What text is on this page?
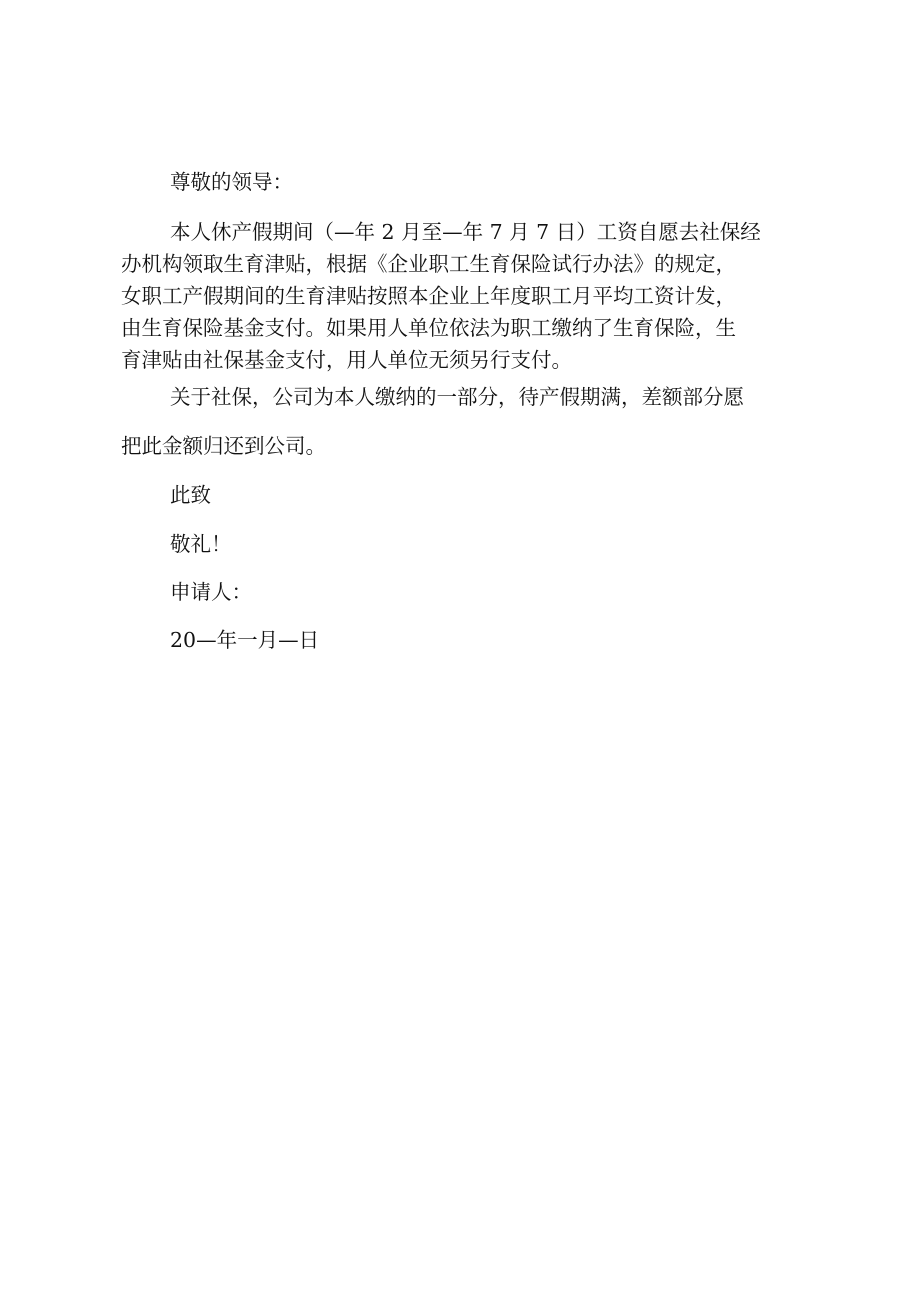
尊敬的领导：
本人休产假期间（—年 2 月至—年 7 月 7 日）工资自愿去社保经
办机构领取生育津贴，根据《企业职工生育保险试行办法》的规定，
女职工产假期间的生育津贴按照本企业上年度职工月平均工资计发，
由生育保险基金支付。如果用人单位依法为职工缴纳了生育保险，生
育津贴由社保基金支付，用人单位无须另行支付。
关于社保，公司为本人缴纳的一部分，待产假期满，差额部分愿
把此金额归还到公司。
此致
敬礼！
申请人：
20—年一月—日
